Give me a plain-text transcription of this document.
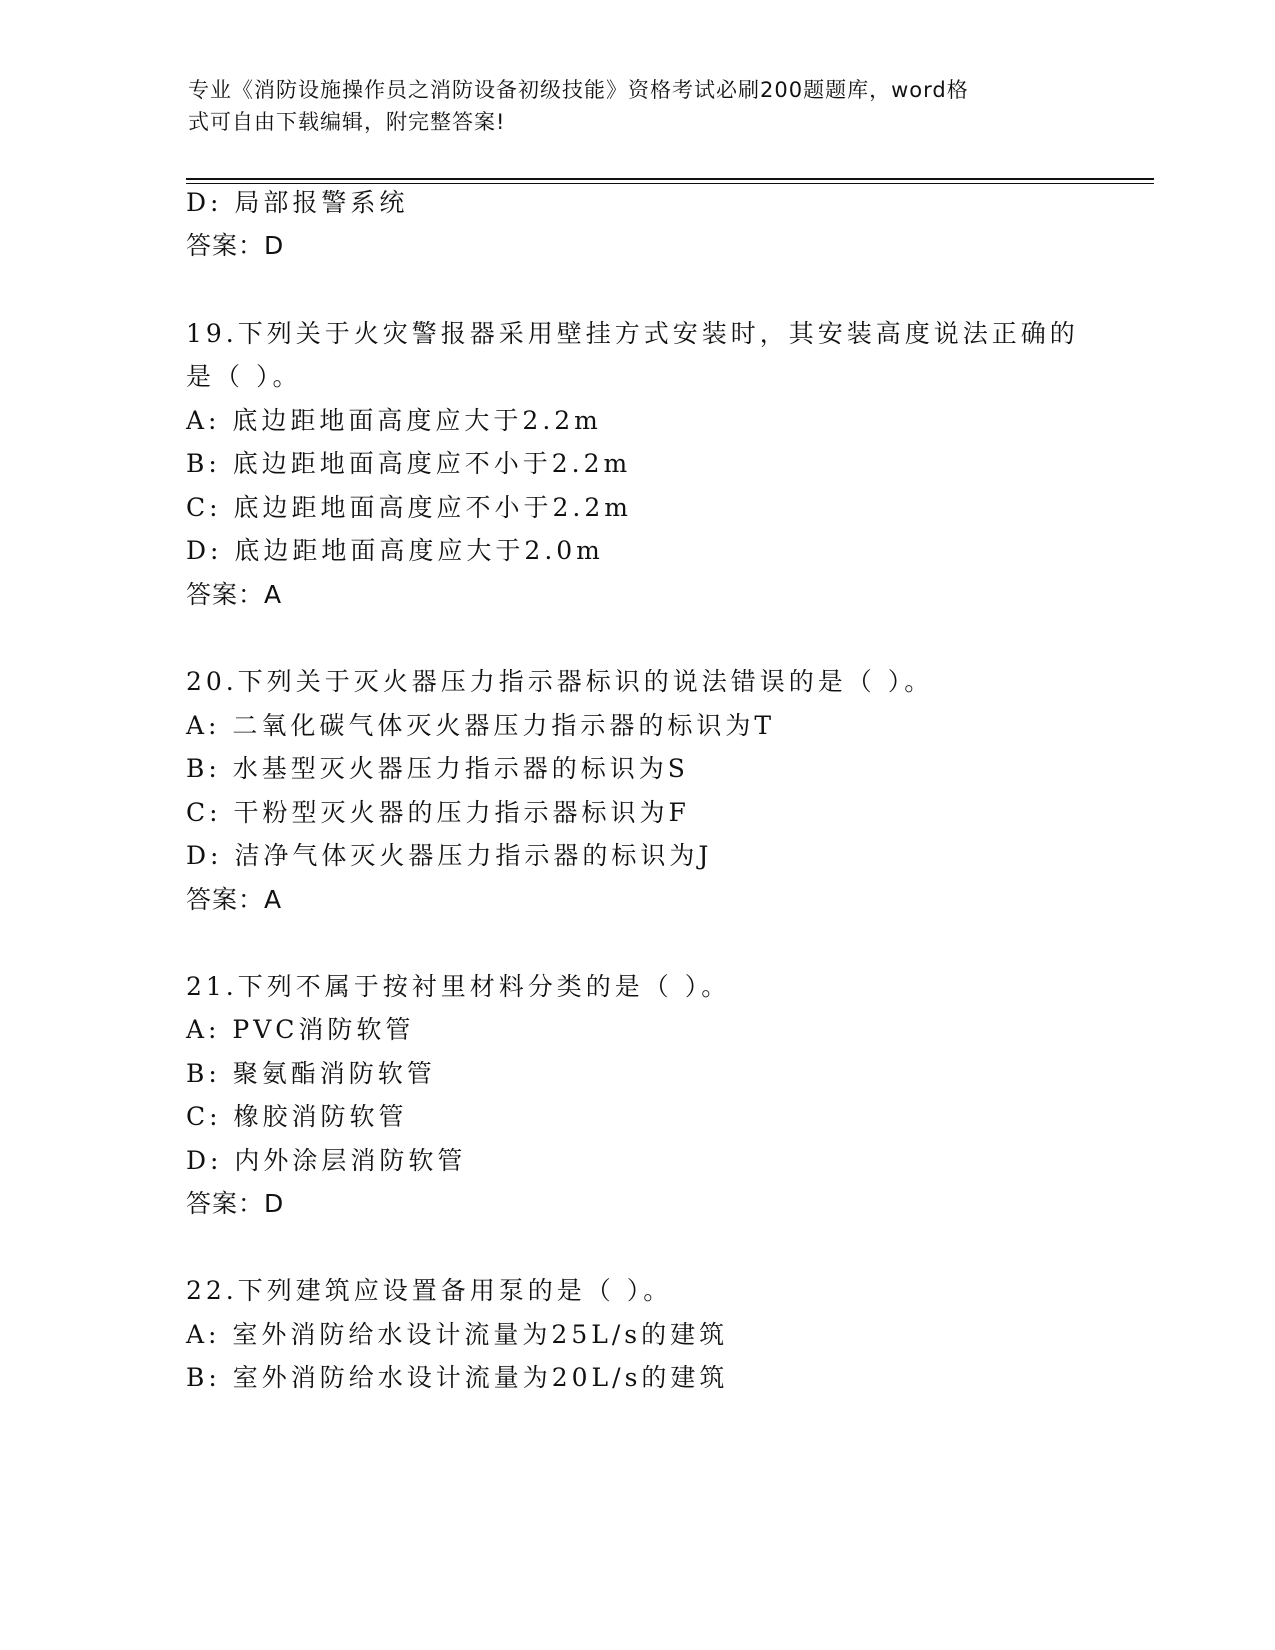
专业《消防设施操作员之消防设备初级技能》资格考试必刷200题题库，word格
式可自由下载编辑，附完整答案!
D: 局部报警系统
答案：D
19.下列关于火灾警报器采用壁挂方式安装时，其安装高度说法正确的
是（ ）。
A: 底边距地面高度应大于2.2m
B: 底边距地面高度应不小于2.2m
C: 底边距地面高度应不小于2.2m
D: 底边距地面高度应大于2.0m
答案：A
20.下列关于灭火器压力指示器标识的说法错误的是（ ）。
A: 二氧化碳气体灭火器压力指示器的标识为T
B: 水基型灭火器压力指示器的标识为S
C: 干粉型灭火器的压力指示器标识为F
D: 洁净气体灭火器压力指示器的标识为J
答案：A
21.下列不属于按衬里材料分类的是（ ）。
A: PVC消防软管
B: 聚氨酯消防软管
C: 橡胶消防软管
D: 内外涂层消防软管
答案：D
22.下列建筑应设置备用泵的是（ ）。
A: 室外消防给水设计流量为25L/s的建筑
B: 室外消防给水设计流量为20L/s的建筑
